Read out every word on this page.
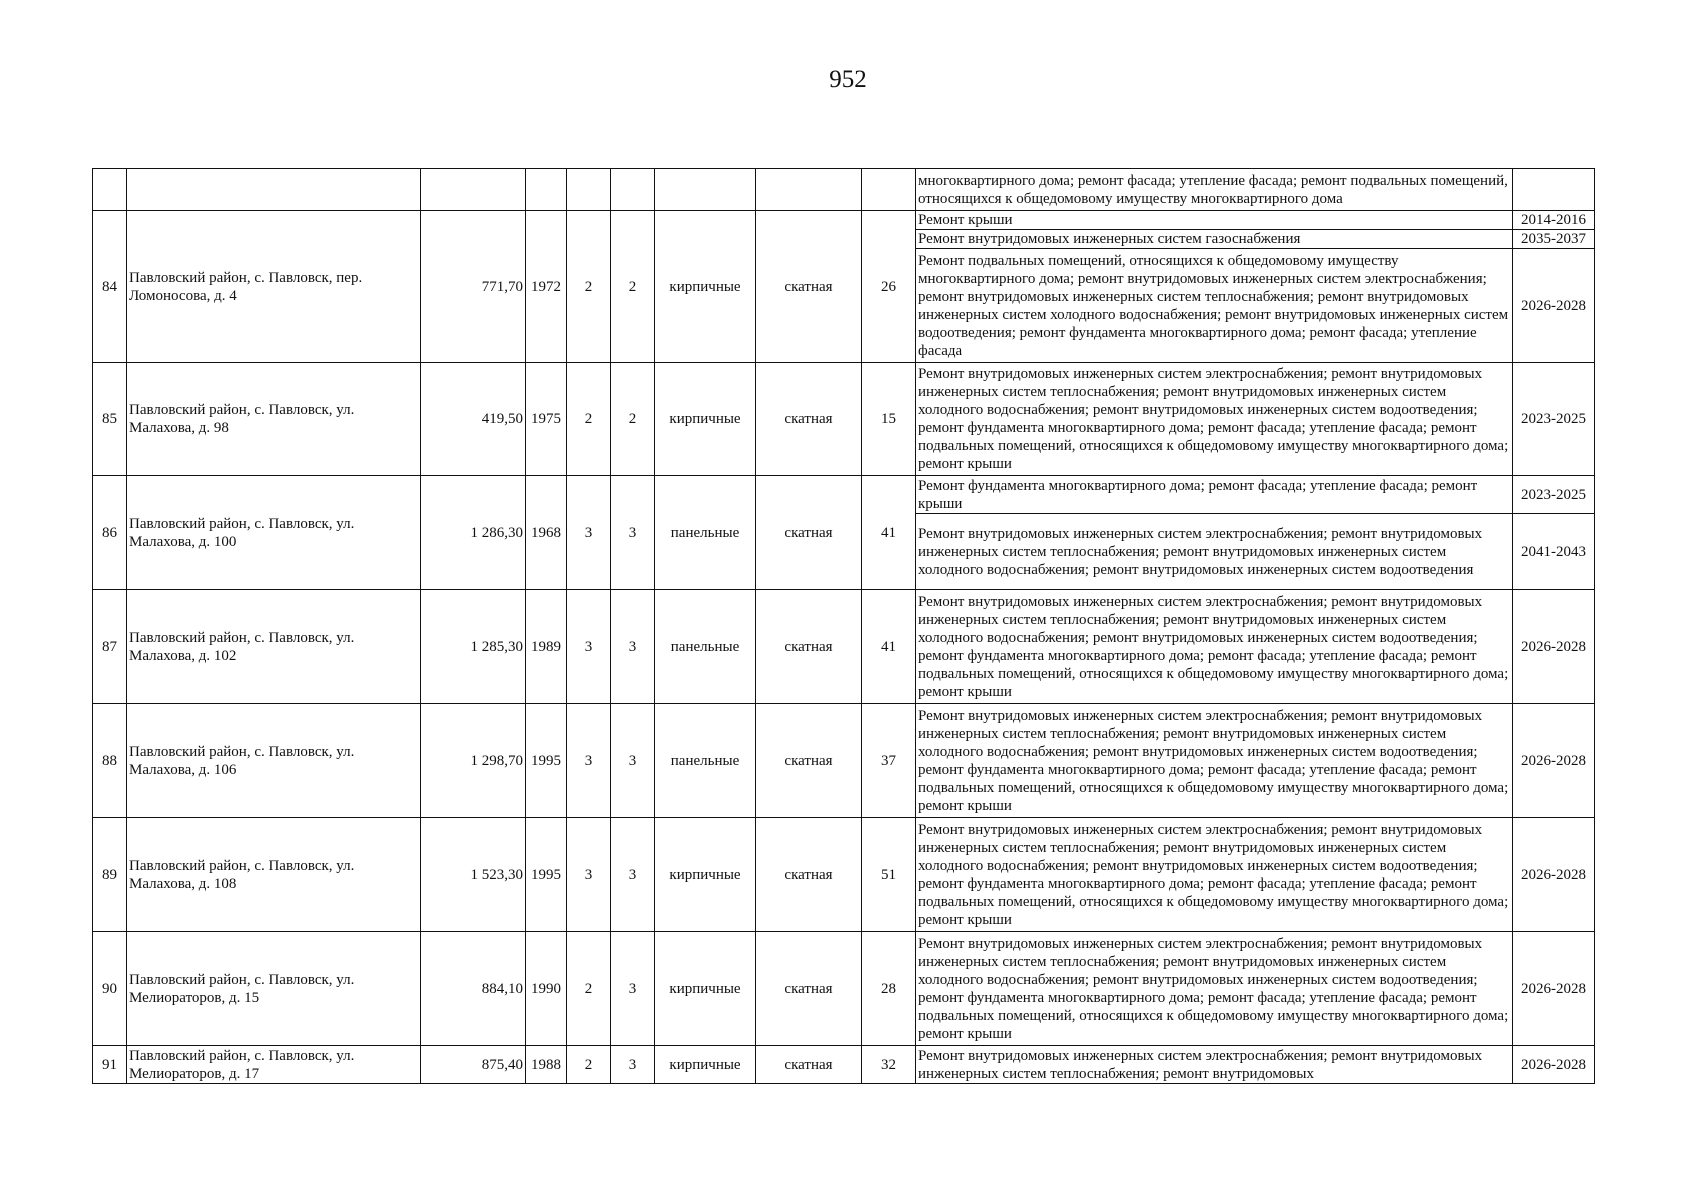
952
									многоквартирного дома; ремонт фасада; утепление фасада; ремонт подвальных помещений, относящихся к общедомовому имуществу многоквартирного дома	
84	Павловский район, с. Павловск, пер. Ломоносова, д. 4	771,70	1972	2	2	кирпичные	скатная	26	Ремонт крыши	2014-2016
									Ремонт внутридомовых инженерных систем газоснабжения	2035-2037
									Ремонт подвальных помещений, относящихся к общедомовому имуществу многоквартирного дома; ремонт внутридомовых инженерных систем электроснабжения; ремонт внутридомовых инженерных систем теплоснабжения; ремонт внутридомовых инженерных систем холодного водоснабжения; ремонт внутридомовых инженерных систем водоотведения; ремонт фундамента многоквартирного дома; ремонт фасада; утепление фасада	2026-2028
85	Павловский район, с. Павловск, ул. Малахова, д. 98	419,50	1975	2	2	кирпичные	скатная	15	Ремонт внутридомовых инженерных систем электроснабжения; ремонт внутридомовых инженерных систем теплоснабжения; ремонт внутридомовых инженерных систем холодного водоснабжения; ремонт внутридомовых инженерных систем водоотведения; ремонт фундамента многоквартирного дома; ремонт фасада; утепление фасада; ремонт подвальных помещений, относящихся к общедомовому имуществу многоквартирного дома; ремонт крыши	2023-2025
86	Павловский район, с. Павловск, ул. Малахова, д. 100	1 286,30	1968	3	3	панельные	скатная	41	Ремонт фундамента многоквартирного дома; ремонт фасада; утепление фасада; ремонт крыши	2023-2025
									Ремонт внутридомовых инженерных систем электроснабжения; ремонт внутридомовых инженерных систем теплоснабжения; ремонт внутридомовых инженерных систем холодного водоснабжения; ремонт внутридомовых инженерных систем водоотведения	2041-2043
87	Павловский район, с. Павловск, ул. Малахова, д. 102	1 285,30	1989	3	3	панельные	скатная	41	Ремонт внутридомовых инженерных систем электроснабжения; ремонт внутридомовых инженерных систем теплоснабжения; ремонт внутридомовых инженерных систем холодного водоснабжения; ремонт внутридомовых инженерных систем водоотведения; ремонт фундамента многоквартирного дома; ремонт фасада; утепление фасада; ремонт подвальных помещений, относящихся к общедомовому имуществу многоквартирного дома; ремонт крыши	2026-2028
88	Павловский район, с. Павловск, ул. Малахова, д. 106	1 298,70	1995	3	3	панельные	скатная	37	Ремонт внутридомовых инженерных систем электроснабжения; ремонт внутридомовых инженерных систем теплоснабжения; ремонт внутридомовых инженерных систем холодного водоснабжения; ремонт внутридомовых инженерных систем водоотведения; ремонт фундамента многоквартирного дома; ремонт фасада; утепление фасада; ремонт подвальных помещений, относящихся к общедомовому имуществу многоквартирного дома; ремонт крыши	2026-2028
89	Павловский район, с. Павловск, ул. Малахова, д. 108	1 523,30	1995	3	3	кирпичные	скатная	51	Ремонт внутридомовых инженерных систем электроснабжения; ремонт внутридомовых инженерных систем теплоснабжения; ремонт внутридомовых инженерных систем холодного водоснабжения; ремонт внутридомовых инженерных систем водоотведения; ремонт фундамента многоквартирного дома; ремонт фасада; утепление фасада; ремонт подвальных помещений, относящихся к общедомовому имуществу многоквартирного дома; ремонт крыши	2026-2028
90	Павловский район, с. Павловск, ул. Мелиораторов, д. 15	884,10	1990	2	3	кирпичные	скатная	28	Ремонт внутридомовых инженерных систем электроснабжения; ремонт внутридомовых инженерных систем теплоснабжения; ремонт внутридомовых инженерных систем холодного водоснабжения; ремонт внутридомовых инженерных систем водоотведения; ремонт фундамента многоквартирного дома; ремонт фасада; утепление фасада; ремонт подвальных помещений, относящихся к общедомовому имуществу многоквартирного дома; ремонт крыши	2026-2028
91	Павловский район, с. Павловск, ул. Мелиораторов, д. 17	875,40	1988	2	3	кирпичные	скатная	32	Ремонт внутридомовых инженерных систем электроснабжения; ремонт внутридомовых инженерных систем теплоснабжения; ремонт внутридомовых	2026-2028
